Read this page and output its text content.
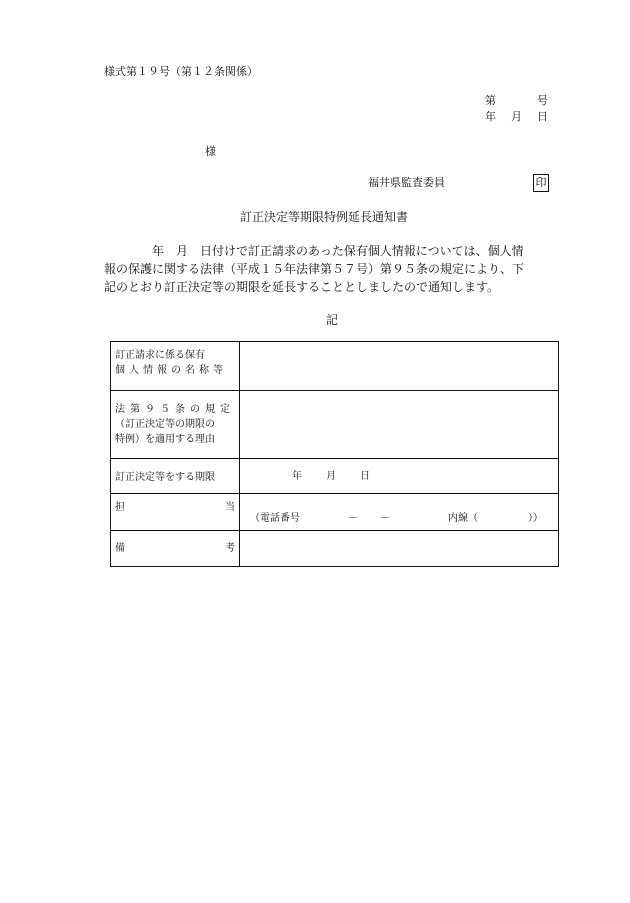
様式第１９号（第１２条関係）
第	号
年 月 日
様
福井県監査委員	印
訂正決定等期限特例延長通知書
　　　　年　月　日付けで訂正請求のあった保有個人情報については、個人情
報の保護に関する法律（平成１５年法律第５７号）第９５条の規定により、下
記のとおり訂正決定等の期限を延長することとしましたので通知します。
記
訂正請求に係る保有
個人情報の名称等	

法第９５条の規定
（訂正決定等の期限の
特例）を適用する理由	

訂正決定等をする期限	年 月 日

担 当	（電話番号 － － 内線（ ））

備 考	
